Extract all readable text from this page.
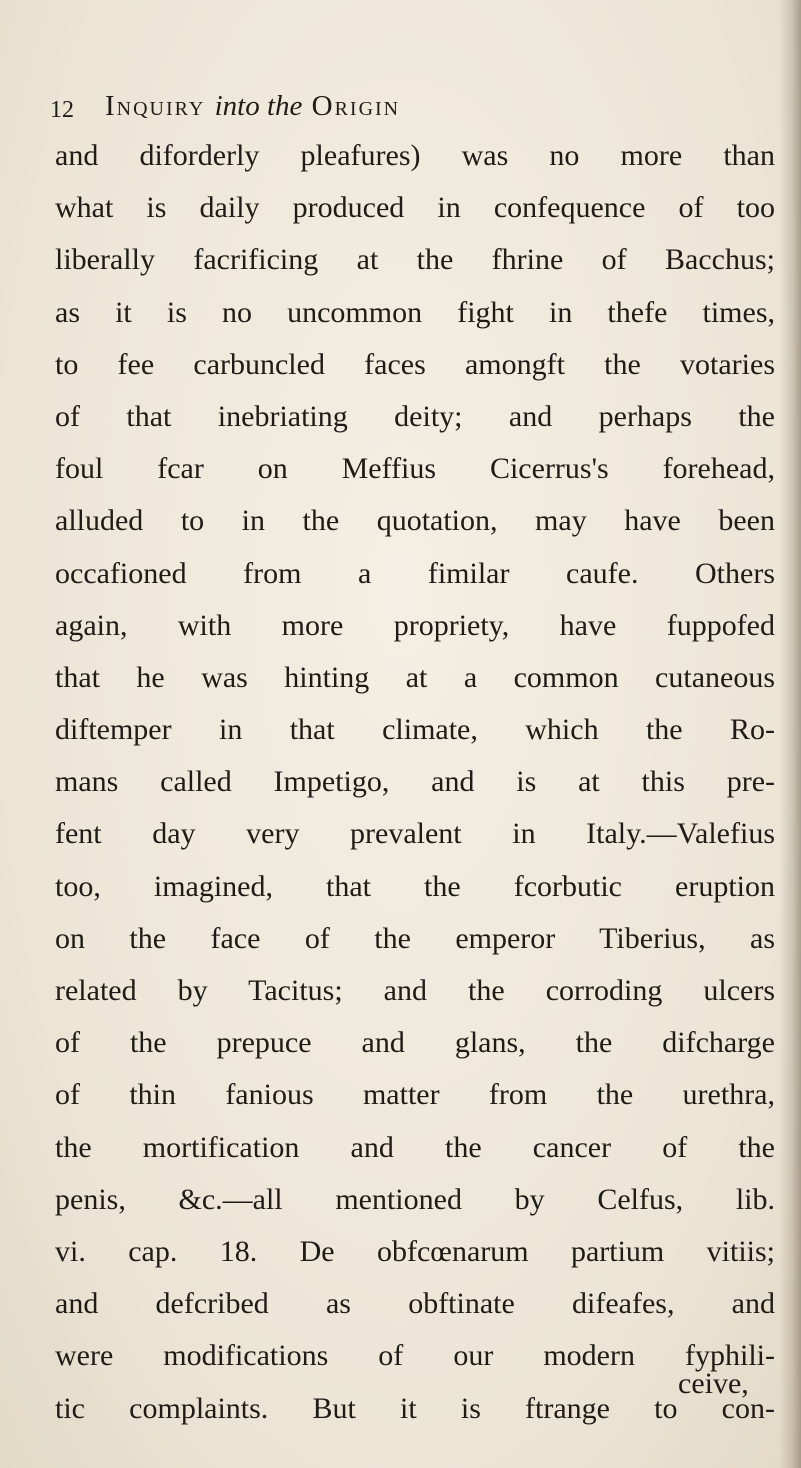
12 Inquiry into the Origin
and diforderly pleafures) was no more than
what is daily produced in confequence of too
liberally facrificing at the fhrine of Bacchus;
as it is no uncommon fight in thefe times,
to fee carbuncled faces amongft the votaries
of that inebriating deity; and perhaps the
foul fcar on Meffius Cicerrus's forehead,
alluded to in the quotation, may have been
occafioned from a fimilar caufe. Others
again, with more propriety, have fuppofed
that he was hinting at a common cutaneous
diftemper in that climate, which the Ro-
mans called Impetigo, and is at this pre-
fent day very prevalent in Italy.—Valefius
too, imagined, that the fcorbutic eruption
on the face of the emperor Tiberius, as
related by Tacitus; and the corroding ulcers
of the prepuce and glans, the difcharge
of thin fanious matter from the urethra,
the mortification and the cancer of the
penis, &c.—all mentioned by Celfus, lib.
vi. cap. 18. De obfcœnarum partium vitiis;
and defcribed as obftinate difeafes, and
were modifications of our modern fyphili-
tic complaints. But it is ftrange to con-
ceive,
